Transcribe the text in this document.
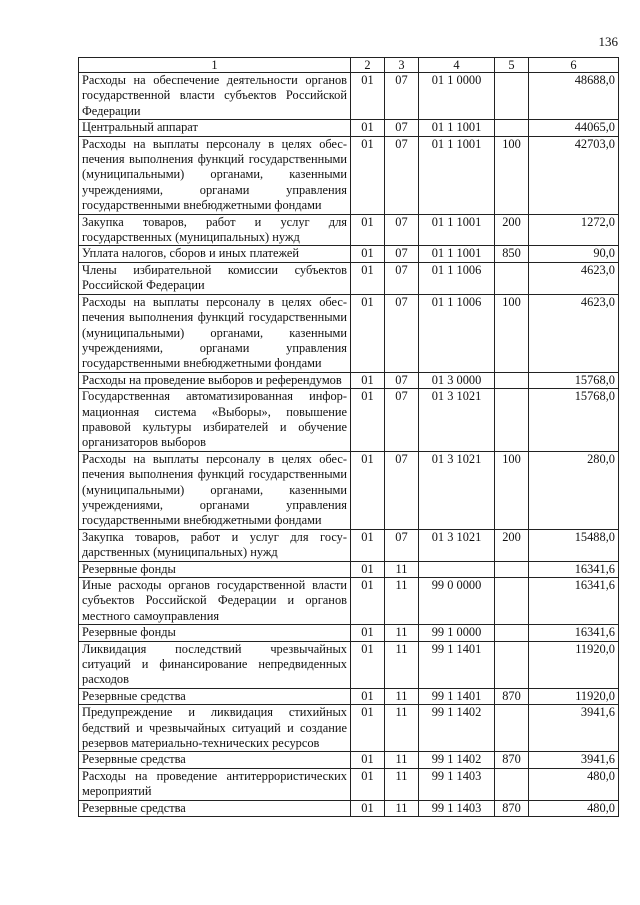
136
1	2	3	4	5	6
Расходы на обеспечение деятельности органов государственной власти субъектов Российской Федерации	01	07	01 1 0000		48688,0
Центральный аппарат	01	07	01 1 1001		44065,0
Расходы на выплаты персоналу в целях обеспечения выполнения функций государственными (муниципальными) органами, казенными учреждениями, органами управления государственными внебюджетными фондами	01	07	01 1 1001	100	42703,0
Закупка товаров, работ и услуг для государственных (муниципальных) нужд	01	07	01 1 1001	200	1272,0
Уплата налогов, сборов и иных платежей	01	07	01 1 1001	850	90,0
Члены избирательной комиссии субъектов Российской Федерации	01	07	01 1 1006		4623,0
Расходы на выплаты персоналу в целях обеспечения выполнения функций государственными (муниципальными) органами, казенными учреждениями, органами управления государственными внебюджетными фондами	01	07	01 1 1006	100	4623,0
Расходы на проведение выборов и референдумов	01	07	01 3 0000		15768,0
Государственная автоматизированная информационная система «Выборы», повышение правовой культуры избирателей и обучение организаторов выборов	01	07	01 3 1021		15768,0
Расходы на выплаты персоналу в целях обеспечения выполнения функций государственными (муниципальными) органами, казенными учреждениями, органами управления государственными внебюджетными фондами	01	07	01 3 1021	100	280,0
Закупка товаров, работ и услуг для государственных (муниципальных) нужд	01	07	01 3 1021	200	15488,0
Резервные фонды	01	11			16341,6
Иные расходы органов государственной власти субъектов Российской Федерации и органов местного самоуправления	01	11	99 0 0000		16341,6
Резервные фонды	01	11	99 1 0000		16341,6
Ликвидация последствий чрезвычайных ситуаций и финансирование непредвиденных расходов	01	11	99 1 1401		11920,0
Резервные средства	01	11	99 1 1401	870	11920,0
Предупреждение и ликвидация стихийных бедствий и чрезвычайных ситуаций и создание резервов материально-технических ресурсов	01	11	99 1 1402		3941,6
Резервные средства	01	11	99 1 1402	870	3941,6
Расходы на проведение антитеррористических мероприятий	01	11	99 1 1403		480,0
Резервные средства	01	11	99 1 1403	870	480,0
